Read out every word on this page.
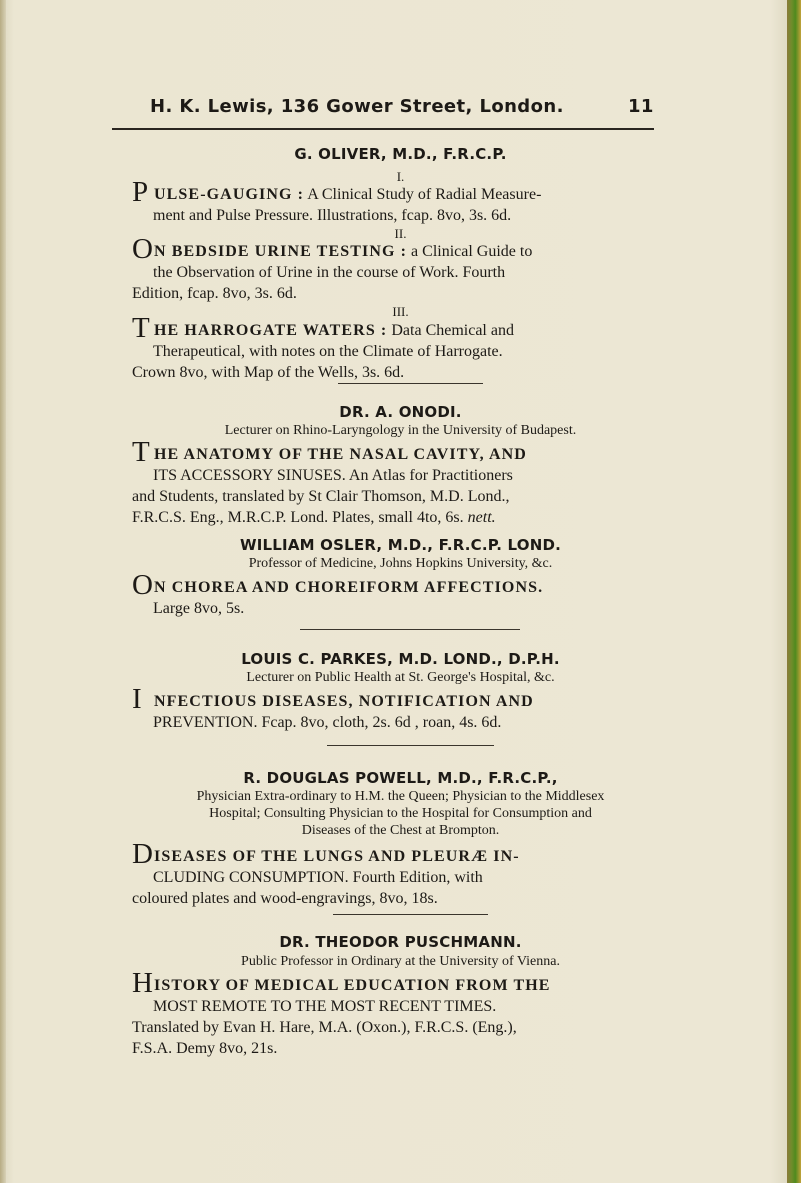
H. K. Lewis, 136 Gower Street, London.	11
G. OLIVER, M.D., F.R.C.P.
I.
PULSE-GAUGING : A Clinical Study of Radial Measure-
ment and Pulse Pressure. Illustrations, fcap. 8vo, 3s. 6d.
II.
ON BEDSIDE URINE TESTING : a Clinical Guide to
the Observation of Urine in the course of Work. Fourth
Edition, fcap. 8vo, 3s. 6d.
III.
THE HARROGATE WATERS : Data Chemical and
Therapeutical, with notes on the Climate of Harrogate.
Crown 8vo, with Map of the Wells, 3s. 6d.
DR. A. ONODI.
Lecturer on Rhino-Laryngology in the University of Budapest.
THE ANATOMY OF THE NASAL CAVITY, AND
ITS ACCESSORY SINUSES. An Atlas for Practitioners
and Students, translated by St Clair Thomson, M.D. Lond.,
F.R.C.S. Eng., M.R.C.P. Lond. Plates, small 4to, 6s. nett.
WILLIAM OSLER, M.D., F.R.C.P. LOND.
Professor of Medicine, Johns Hopkins University, &c.
ON CHOREA AND CHOREIFORM AFFECTIONS.
Large 8vo, 5s.
LOUIS C. PARKES, M.D. LOND., D.P.H.
Lecturer on Public Health at St. George's Hospital, &c.
INFECTIOUS DISEASES, NOTIFICATION AND
PREVENTION. Fcap. 8vo, cloth, 2s. 6d , roan, 4s. 6d.
R. DOUGLAS POWELL, M.D., F.R.C.P.,
Physician Extra-ordinary to H.M. the Queen; Physician to the Middlesex
Hospital; Consulting Physician to the Hospital for Consumption and
Diseases of the Chest at Brompton.
DISEASES OF THE LUNGS AND PLEURÆ IN-
CLUDING CONSUMPTION. Fourth Edition, with
coloured plates and wood-engravings, 8vo, 18s.
DR. THEODOR PUSCHMANN.
Public Professor in Ordinary at the University of Vienna.
HISTORY OF MEDICAL EDUCATION FROM THE
MOST REMOTE TO THE MOST RECENT TIMES.
Translated by Evan H. Hare, M.A. (Oxon.), F.R.C.S. (Eng.),
F.S.A. Demy 8vo, 21s.
